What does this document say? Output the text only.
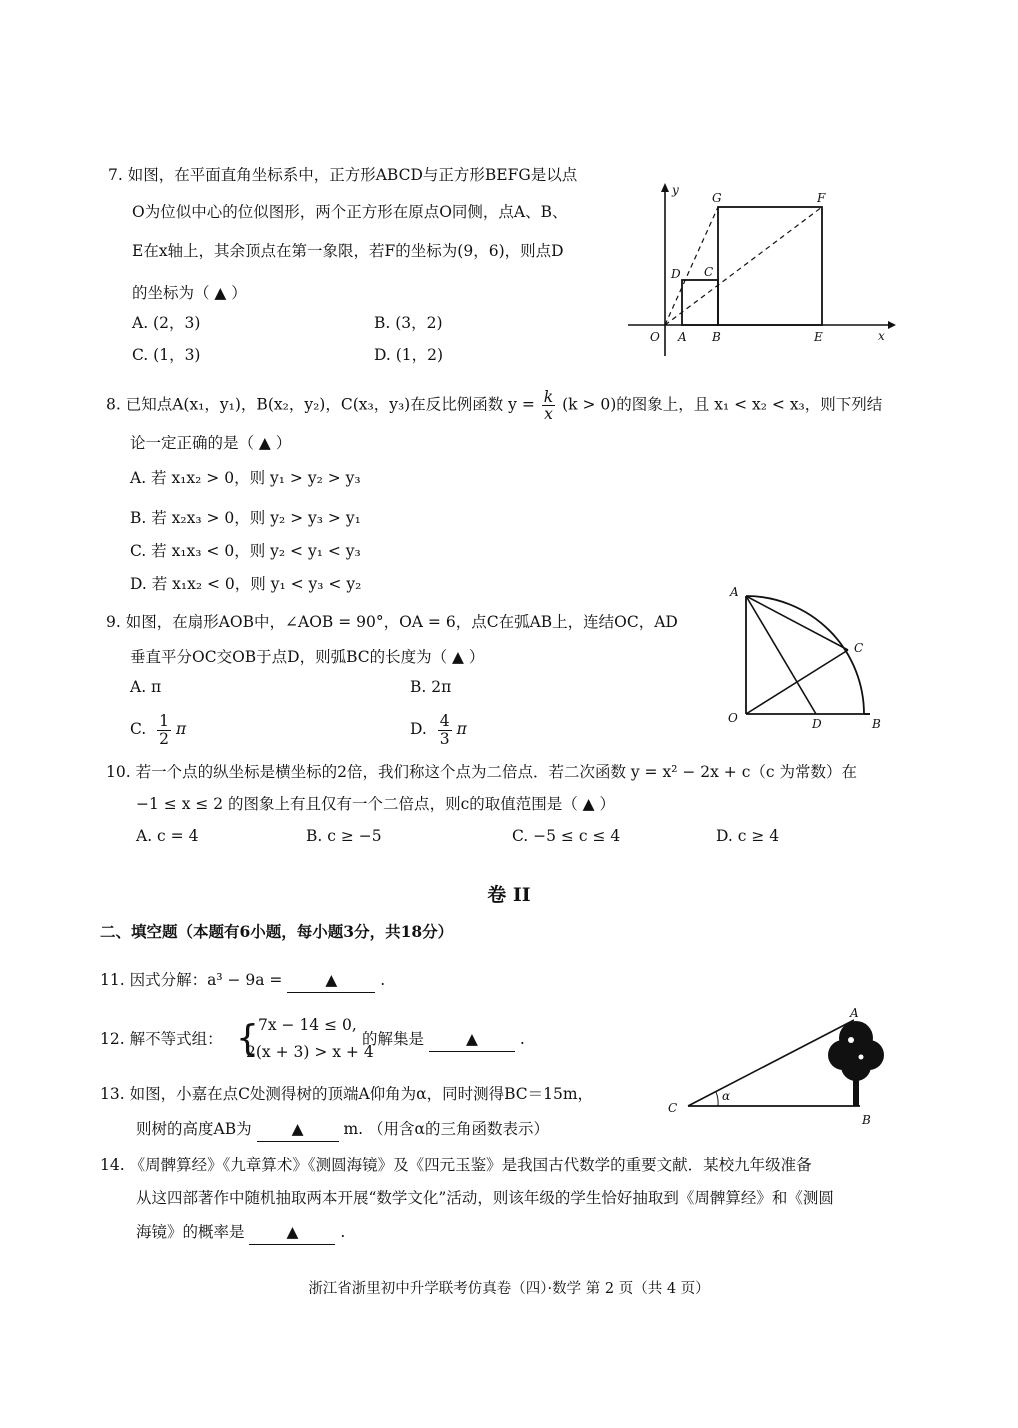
7. 如图，在平面直角坐标系中，正方形ABCD与正方形BEFG是以点
O为位似中心的位似图形，两个正方形在原点O同侧，点A、B、
E在x轴上，其余顶点在第一象限，若F的坐标为(9，6)，则点D
的坐标为（ ▲ ）
A. (2，3)	B. (3，2)
C. (1，3)	D. (1，2)
y
x
O A B	E
D C
G	F
8. 已知点A(x₁，y₁)，B(x₂，y₂)，C(x₃，y₃)在反比例函数 $y = \frac{k}{x} (k > 0)$的图象上，且 x₁ < x₂ < x₃，则下列结
论一定正确的是（ ▲ ）
A. 若 x₁x₂ > 0，则 y₁ > y₂ > y₃
B. 若 x₂x₃ > 0，则 y₂ > y₃ > y₁
C. 若 x₁x₃ < 0，则 y₂ < y₁ < y₃
D. 若 x₁x₂ < 0，则 y₁ < y₃ < y₂
9. 如图，在扇形AOB中，∠AOB = 90°，OA = 6，点C在弧AB上，连结OC，AD
垂直平分OC交OB于点D，则弧BC的长度为（ ▲ ）
A. π	B. 2π
C. $\frac{1}{2}$ π	D. $\frac{4}{3}$ π
A
O	D	B
C
10. 若一个点的纵坐标是横坐标的2倍，我们称这个点为二倍点．若二次函数 y = x² − 2x + c（c 为常数）在
−1 ≤ x ≤ 2 的图象上有且仅有一个二倍点，则c的取值范围是（ ▲ ）
A. c = 4	B. c ≥ −5	C. −5 ≤ c ≤ 4	D. c ≥ 4
卷 II
二、填空题（本题有6小题，每小题3分，共18分）
11. 因式分解：a³ − 9a =	▲	.
12. 解不等式组： { 7x − 14 ≤ 0,
2(x + 3) > x + 4
的解集是	▲	.
13. 如图，小嘉在点C处测得树的顶端A仰角为α，同时测得BC＝15m，
则树的高度AB为	▲	m. （用含α的三角函数表示）
A
B
C
α
14. 《周髀算经》《九章算术》《测圆海镜》及《四元玉鉴》是我国古代数学的重要文献．某校九年级准备
从这四部著作中随机抽取两本开展“数学文化”活动，则该年级的学生恰好抽取到《周髀算经》和《测圆
海镜》的概率是	▲	.
浙江省浙里初中升学联考仿真卷（四）·数学 第 2 页（共 4 页）
